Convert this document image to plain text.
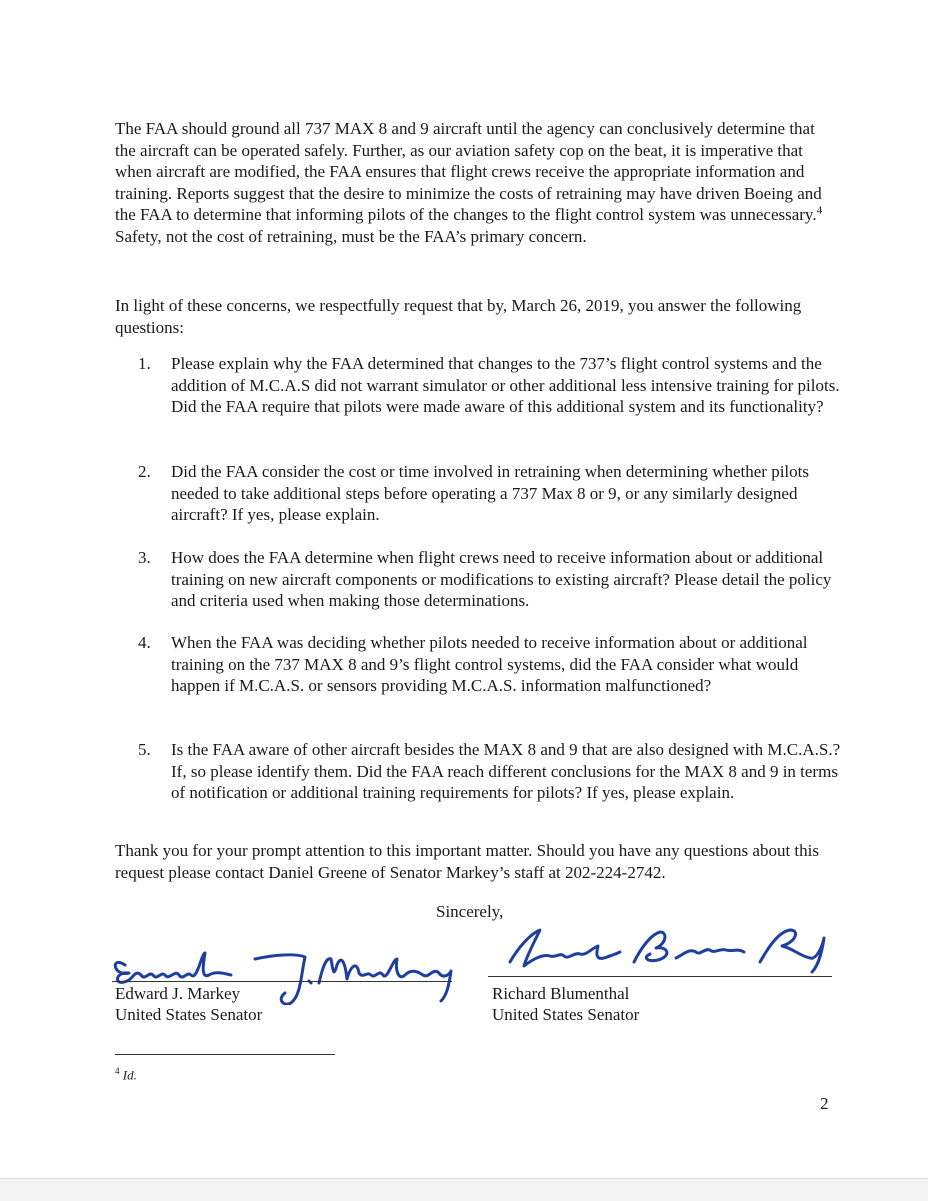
The FAA should ground all 737 MAX 8 and 9 aircraft until the agency can conclusively determine that the aircraft can be operated safely. Further, as our aviation safety cop on the beat, it is imperative that when aircraft are modified, the FAA ensures that flight crews receive the appropriate information and training. Reports suggest that the desire to minimize the costs of retraining may have driven Boeing and the FAA to determine that informing pilots of the changes to the flight control system was unnecessary.$^4$ Safety, not the cost of retraining, must be the FAA’s primary concern.

In light of these concerns, we respectfully request that by, March 26, 2019, you answer the following questions:

1.	Please explain why the FAA determined that changes to the 737’s flight control systems and the addition of M.C.A.S did not warrant simulator or other additional less intensive training for pilots. Did the FAA require that pilots were made aware of this additional system and its functionality?

2.	Did the FAA consider the cost or time involved in retraining when determining whether pilots needed to take additional steps before operating a 737 Max 8 or 9, or any similarly designed aircraft? If yes, please explain.

3.	How does the FAA determine when flight crews need to receive information about or additional training on new aircraft components or modifications to existing aircraft? Please detail the policy and criteria used when making those determinations.

4.	When the FAA was deciding whether pilots needed to receive information about or additional training on the 737 MAX 8 and 9’s flight control systems, did the FAA consider what would happen if M.C.A.S. or sensors providing M.C.A.S. information malfunctioned?

5.	Is the FAA aware of other aircraft besides the MAX 8 and 9 that are also designed with M.C.A.S.? If, so please identify them. Did the FAA reach different conclusions for the MAX 8 and 9 in terms of notification or additional training requirements for pilots? If yes, please explain.

Thank you for your prompt attention to this important matter. Should you have any questions about this request please contact Daniel Greene of Senator Markey’s staff at 202-224-2742.

Sincerely,
Edward J. Markey
United States Senator
Richard Blumenthal
United States Senator
$^4$ Id.
2
